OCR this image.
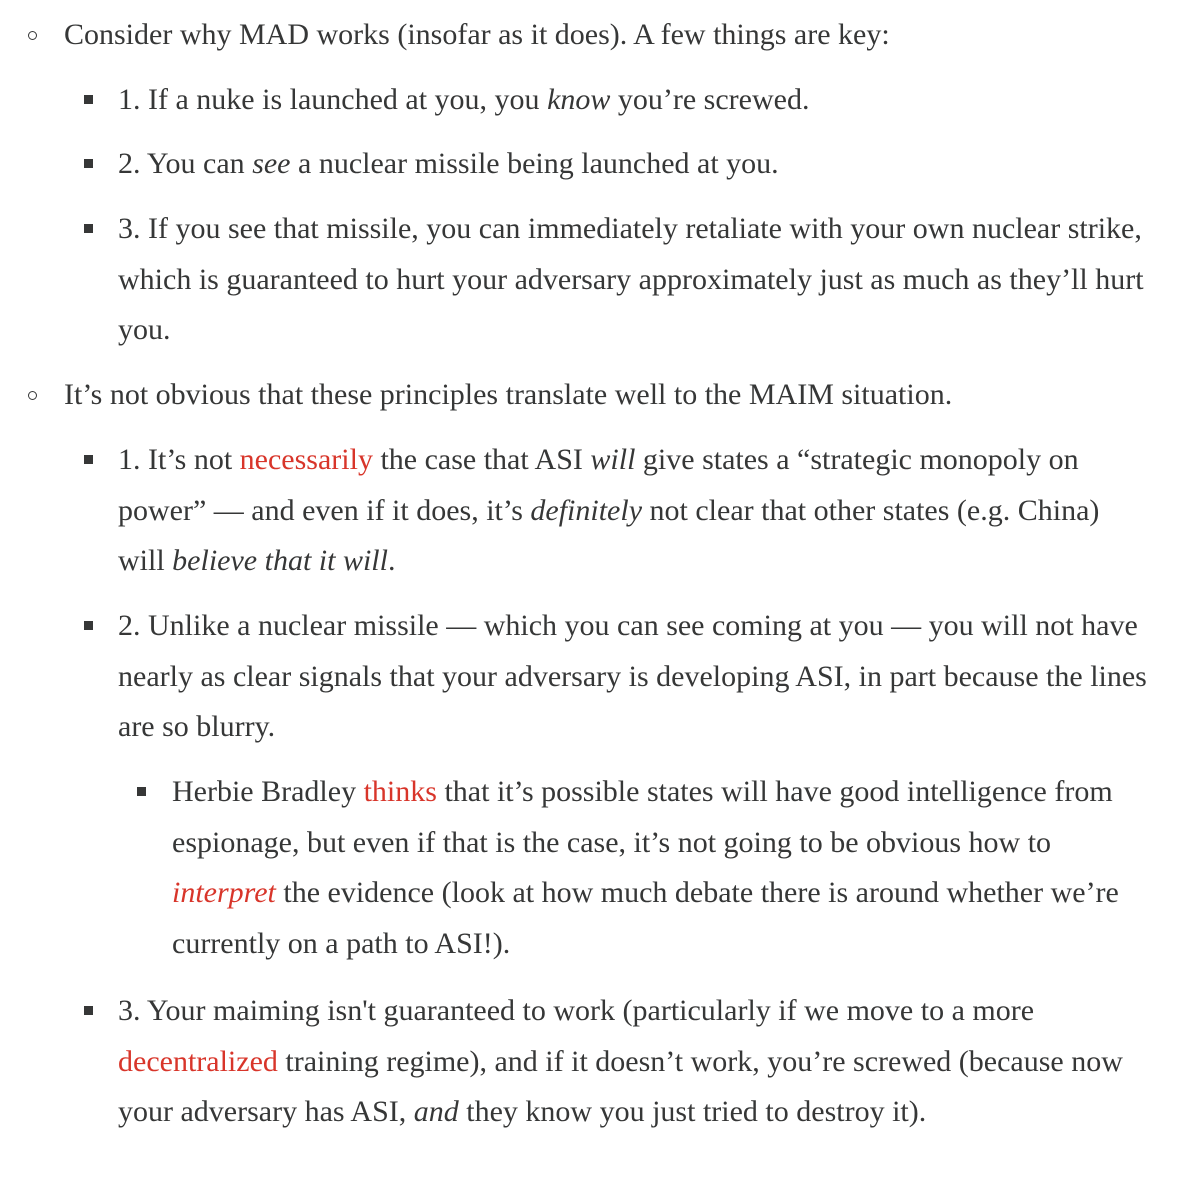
Consider why MAD works (insofar as it does). A few things are key:

1. If a nuke is launched at you, you know you’re screwed.

2. You can see a nuclear missile being launched at you.

3. If you see that missile, you can immediately retaliate with your own nuclear strike, which is guaranteed to hurt your adversary approximately just as much as they’ll hurt you.

It’s not obvious that these principles translate well to the MAIM situation.

1. It’s not necessarily the case that ASI will give states a “strategic monopoly on power” — and even if it does, it’s definitely not clear that other states (e.g. China) will believe that it will.

2. Unlike a nuclear missile — which you can see coming at you — you will not have nearly as clear signals that your adversary is developing ASI, in part because the lines are so blurry.

Herbie Bradley thinks that it’s possible states will have good intelligence from espionage, but even if that is the case, it’s not going to be obvious how to interpret the evidence (look at how much debate there is around whether we’re currently on a path to ASI!).

3. Your maiming isn't guaranteed to work (particularly if we move to a more decentralized training regime), and if it doesn’t work, you’re screwed (because now your adversary has ASI, and they know you just tried to destroy it).
